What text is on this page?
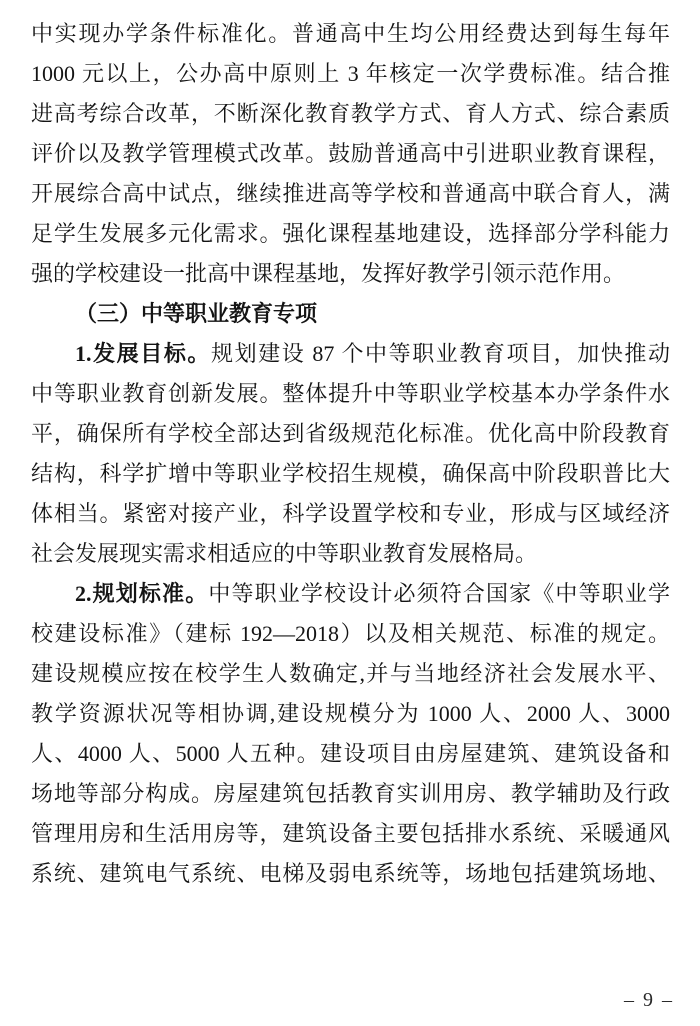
中实现办学条件标准化。普通高中生均公用经费达到每生每年
1000 元以上，公办高中原则上 3 年核定一次学费标准。结合推
进高考综合改革，不断深化教育教学方式、育人方式、综合素质
评价以及教学管理模式改革。鼓励普通高中引进职业教育课程，
开展综合高中试点，继续推进高等学校和普通高中联合育人，满
足学生发展多元化需求。强化课程基地建设，选择部分学科能力
强的学校建设一批高中课程基地，发挥好教学引领示范作用。
（三）中等职业教育专项
1.发展目标。规划建设 87 个中等职业教育项目，加快推动
中等职业教育创新发展。整体提升中等职业学校基本办学条件水
平，确保所有学校全部达到省级规范化标准。优化高中阶段教育
结构，科学扩增中等职业学校招生规模，确保高中阶段职普比大
体相当。紧密对接产业，科学设置学校和专业，形成与区域经济
社会发展现实需求相适应的中等职业教育发展格局。
2.规划标准。中等职业学校设计必须符合国家《中等职业学
校建设标准》（建标 192—2018）以及相关规范、标准的规定。
建设规模应按在校学生人数确定,并与当地经济社会发展水平、
教学资源状况等相协调,建设规模分为 1000 人、2000 人、3000
人、4000 人、5000 人五种。建设项目由房屋建筑、建筑设备和
场地等部分构成。房屋建筑包括教育实训用房、教学辅助及行政
管理用房和生活用房等，建筑设备主要包括排水系统、采暖通风
系统、建筑电气系统、电梯及弱电系统等，场地包括建筑场地、
– 9 –
